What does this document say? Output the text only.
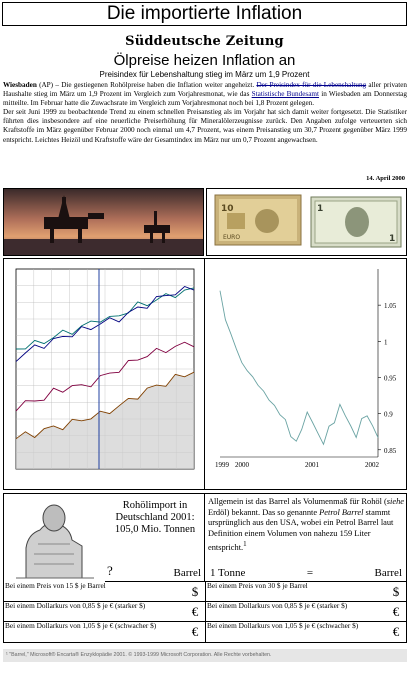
Die importierte Inflation
Süddeutsche Zeitung
Ölpreise heizen Inflation an
Preisindex für Lebenshaltung stieg im März um 1,9 Prozent

Wiesbaden (AP) – Die gestiegenen Rohölpreise haben die Inflation weiter angeheizt. Der Preisindex für die Lebenshaltung aller privaten Haushalte stieg im März um 1,9 Prozent im Vergleich zum Vorjahresmonat, wie das Statistische Bundesamt in Wiesbaden am Donnerstag mitteilte. Im Februar hatte die Zuwachsrate im Vergleich zum Vorjahresmonat noch bei 1,8 Prozent gelegen.

Der seit Juni 1999 zu beobachtende Trend zu einem schnellen Preisanstieg als im Vorjahr hat sich damit weiter fortgesetzt. Die Statistiker führten dies insbesondere auf eine neuerliche Preiserhöhung für Mineralölerzeugnisse zurück. Den Angaben zufolge verteuerten sich Kraftstoffe im März gegenüber Februar 2000 noch einmal um 4,7 Prozent, was einem Preisanstieg um 30,7 Prozent gegenüber März 1999 entspricht. Leichtes Heizöl und Kraftstoffe wäre der Gesamtindex im März nur um 0,7 Prozent angewachsen.

14. April 2000
10
EURO
1
1
1.05
1
0.95
0.9
0.85
1999 2000	2001	2002
Rohölimport in Deutschland 2001: 105,0 Mio. Tonnen
?	Barrel
Allgemein ist das Barrel als Volumenmaß für Rohöl (siehe Erdöl) bekannt. Das so genannte Petrol Barrel stammt ursprünglich aus den USA, wobei ein Petrol Barrel laut Definition einem Volumen von nahezu 159 Liter entspricht.$^1$
1 Tonne	=	Barrel
Bei einem Preis von 15 $ je Barrel	$	Bei einem Preis von 30 $ je Barrel	$
Bei einem Dollarkurs von 0,85 $ je € (starker $)	€	Bei einem Dollarkurs von 0,85 $ je € (starker $)	€
Bei einem Dollarkurs von 1,05 $ je € (schwacher $)	€	Bei einem Dollarkurs von 1,05 $ je € (schwacher $)	€
¹ "Barrel," Microsoft® Encarta® Enzyklopädie 2001. © 1993-1999 Microsoft Corporation. Alle Rechte vorbehalten.
